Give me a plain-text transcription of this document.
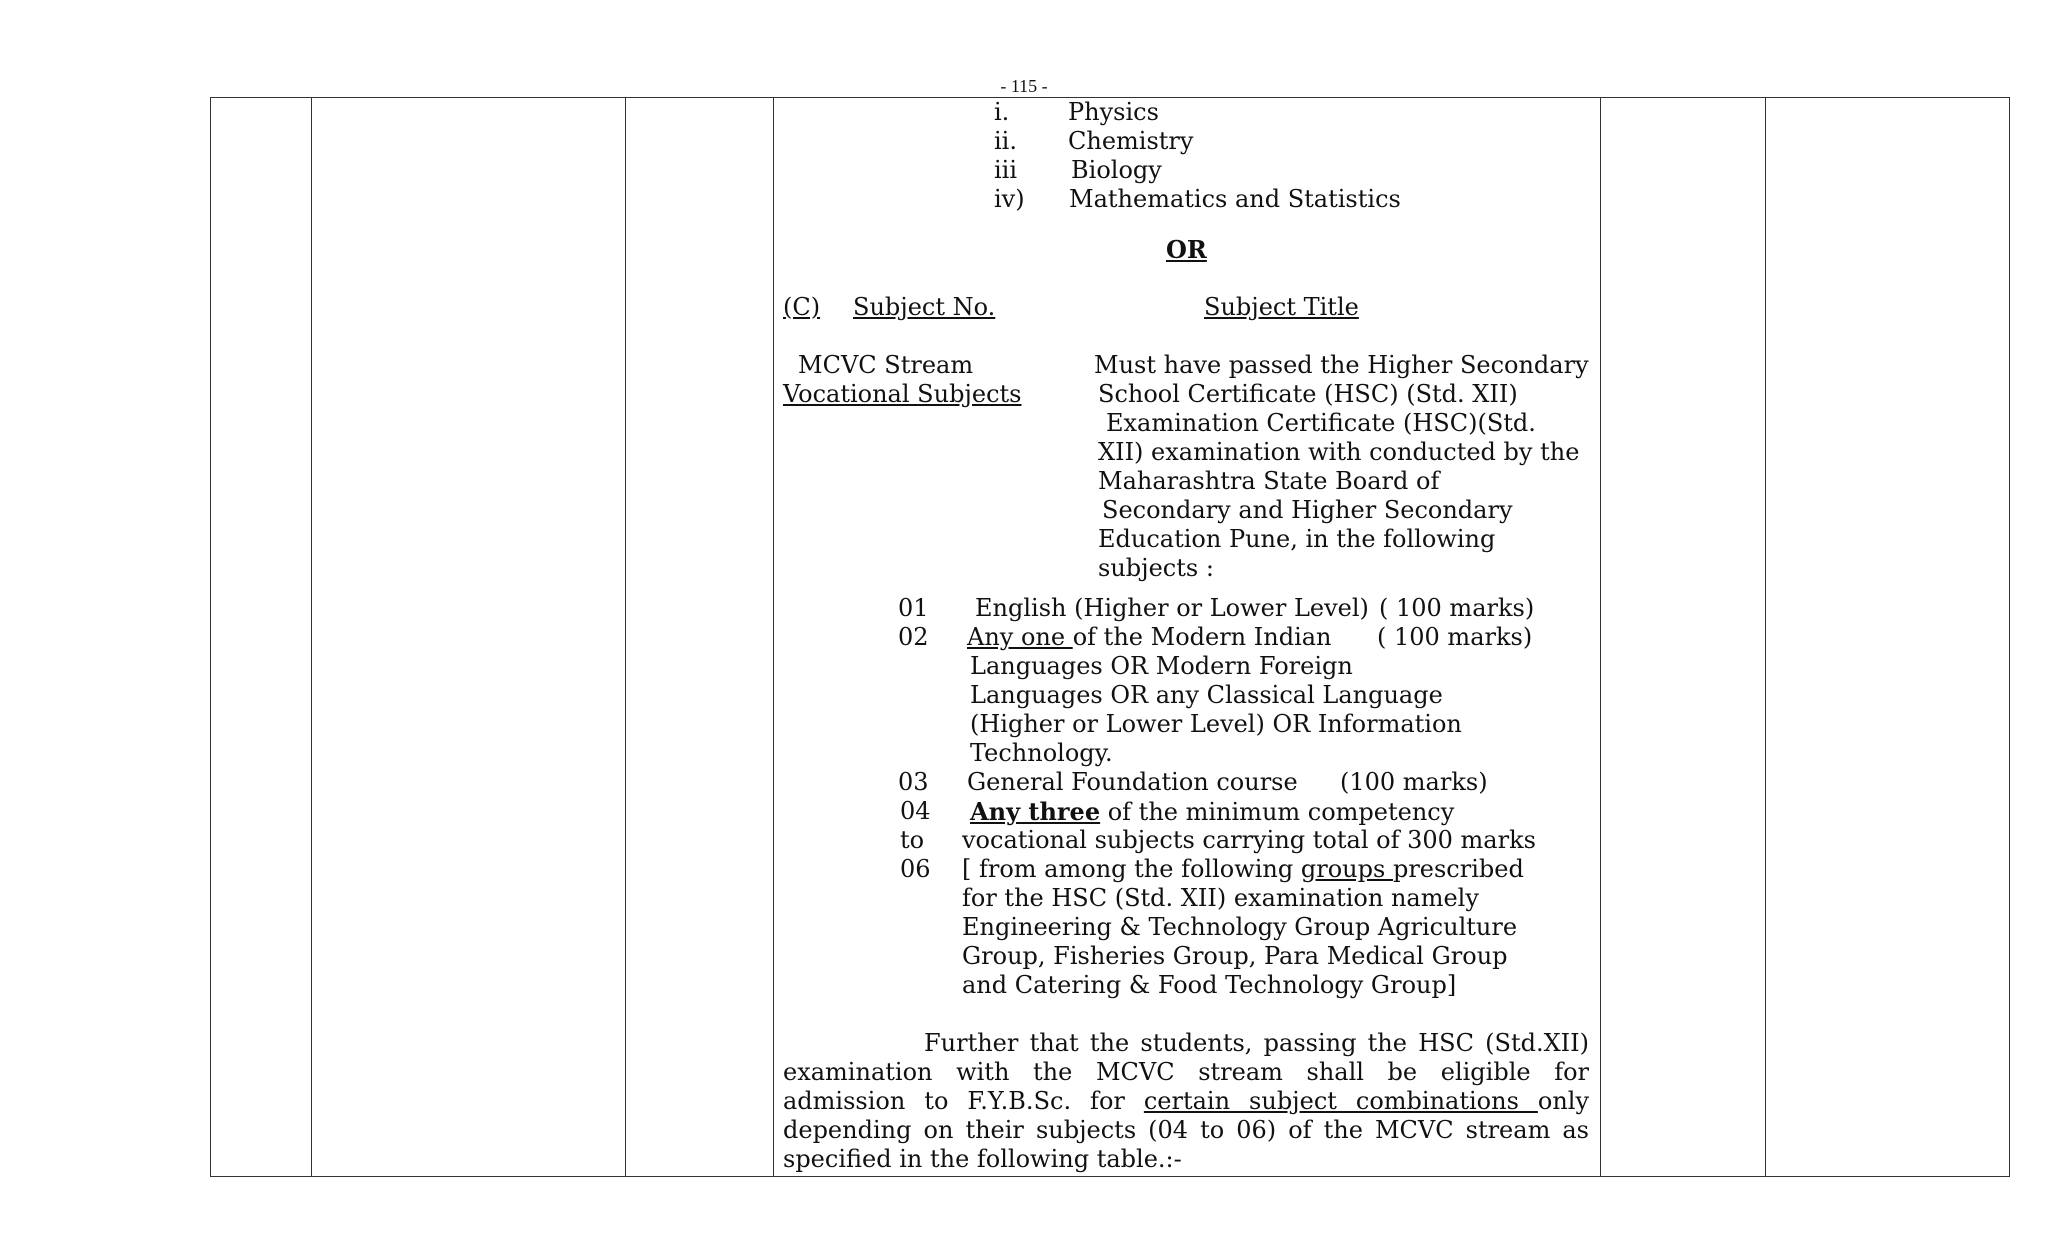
- 115 -
i. Physics
ii. Chemistry
iii Biology
iv) Mathematics and Statistics
OR
(C) Subject No.	Subject Title
MCVC Stream
Vocational Subjects
Must have passed the Higher Secondary
School Certificate (HSC) (Std. XII)
Examination Certificate (HSC)(Std.
XII) examination with conducted by the
Maharashtra State Board of
Secondary and Higher Secondary
Education Pune, in the following
subjects :
01 English (Higher or Lower Level) ( 100 marks)
02 Any one of the Modern Indian ( 100 marks)
Languages OR Modern Foreign
Languages OR any Classical Language
(Higher or Lower Level) OR Information
Technology.
03 General Foundation course (100 marks)
04
to
06
Any three of the minimum competency
vocational subjects carrying total of 300 marks
[ from among the following groups prescribed
for the HSC (Std. XII) examination namely
Engineering & Technology Group Agriculture
Group, Fisheries Group, Para Medical Group
and Catering & Food Technology Group]
Further that the students, passing the HSC (Std.XII)
examination with the MCVC stream shall be eligible for
admission to F.Y.B.Sc. for certain subject combinations only
depending on their subjects (04 to 06) of the MCVC stream as
specified in the following table.:-
